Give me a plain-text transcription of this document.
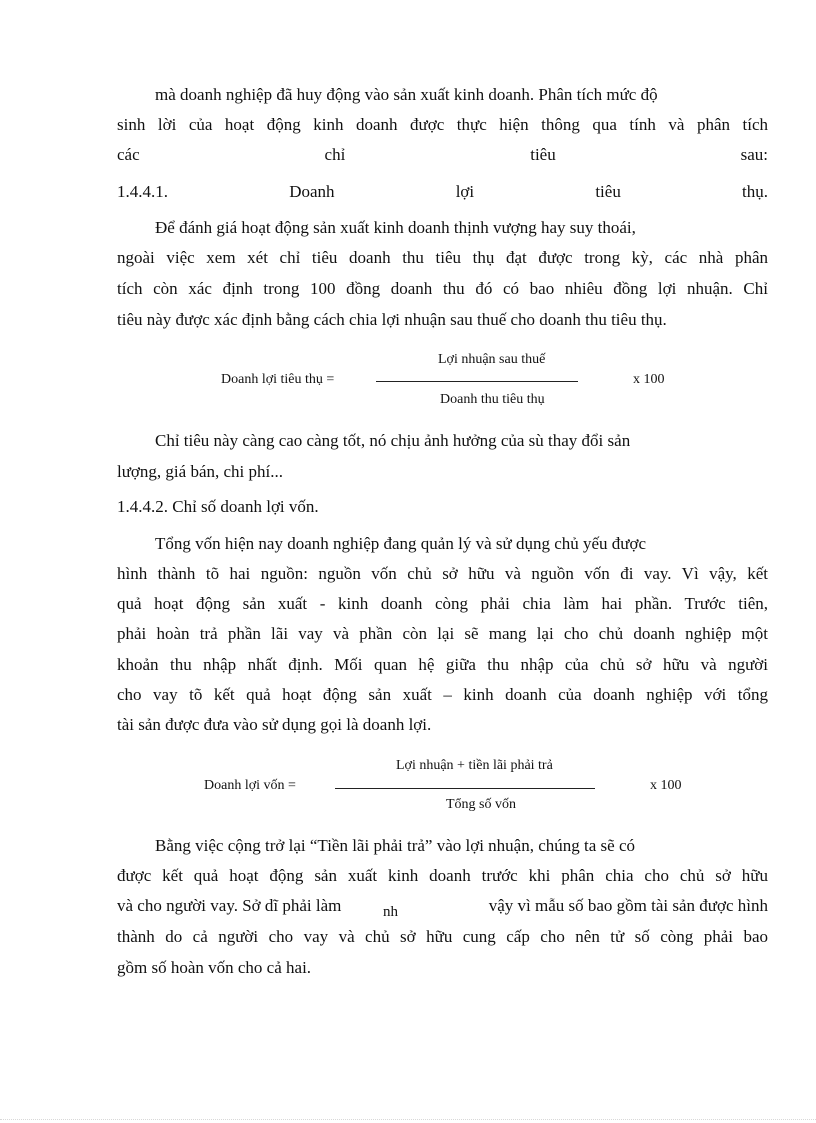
mà doanh nghiệp đã huy động vào sản xuất kinh doanh. Phân tích mức độ
sinh lời của hoạt động kinh doanh được thực hiện thông qua tính và phân tích
các chỉ tiêu sau:
1.4.4.1. Doanh lợi tiêu thụ.
Để đánh giá hoạt động sản xuất kinh doanh thịnh vượng hay suy thoái,
ngoài việc xem xét chỉ tiêu doanh thu tiêu thụ đạt được trong kỳ, các nhà phân
tích còn xác định trong 100 đồng doanh thu đó có bao nhiêu đồng lợi nhuận. Chỉ
tiêu này được xác định bằng cách chia lợi nhuận sau thuế cho doanh thu tiêu thụ.
Doanh lợi tiêu thụ =
Lợi nhuận sau thuế
Doanh thu tiêu thụ
x 100
Chỉ tiêu này càng cao càng tốt, nó chịu ảnh hưởng của sù thay đổi sản
lượng, giá bán, chi phí...
1.4.4.2. Chỉ số doanh lợi vốn.
Tổng vốn hiện nay doanh nghiệp đang quản lý và sử dụng chủ yếu được
hình thành tõ hai nguồn: nguồn vốn chủ sở hữu và nguồn vốn đi vay. Vì vậy, kết
quả hoạt động sản xuất - kinh doanh còng phải chia làm hai phần. Trước tiên,
phải hoàn trả phần lãi vay và phần còn lại sẽ mang lại cho chủ doanh nghiệp một
khoản thu nhập nhất định. Mối quan hệ giữa thu nhập của chủ sở hữu và người
cho vay tõ kết quả hoạt động sản xuất – kinh doanh của doanh nghiệp với tổng
tài sản được đưa vào sử dụng gọi là doanh lợi.
Doanh lợi vốn =
Lợi nhuận + tiền lãi phải trả
Tổng số vốn
x 100
Bằng việc cộng trở lại “Tiền lãi phải trả” vào lợi nhuận, chúng ta sẽ có
được kết quả hoạt động sản xuất kinh doanh trước khi phân chia cho chủ sở hữu
và cho người vay. Sở dĩ phải làm	nh	vậy vì mẫu số bao gồm tài sản được hình
thành do cả người cho vay và chủ sở hữu cung cấp cho nên tử số còng phải bao
gồm số hoàn vốn cho cả hai.
